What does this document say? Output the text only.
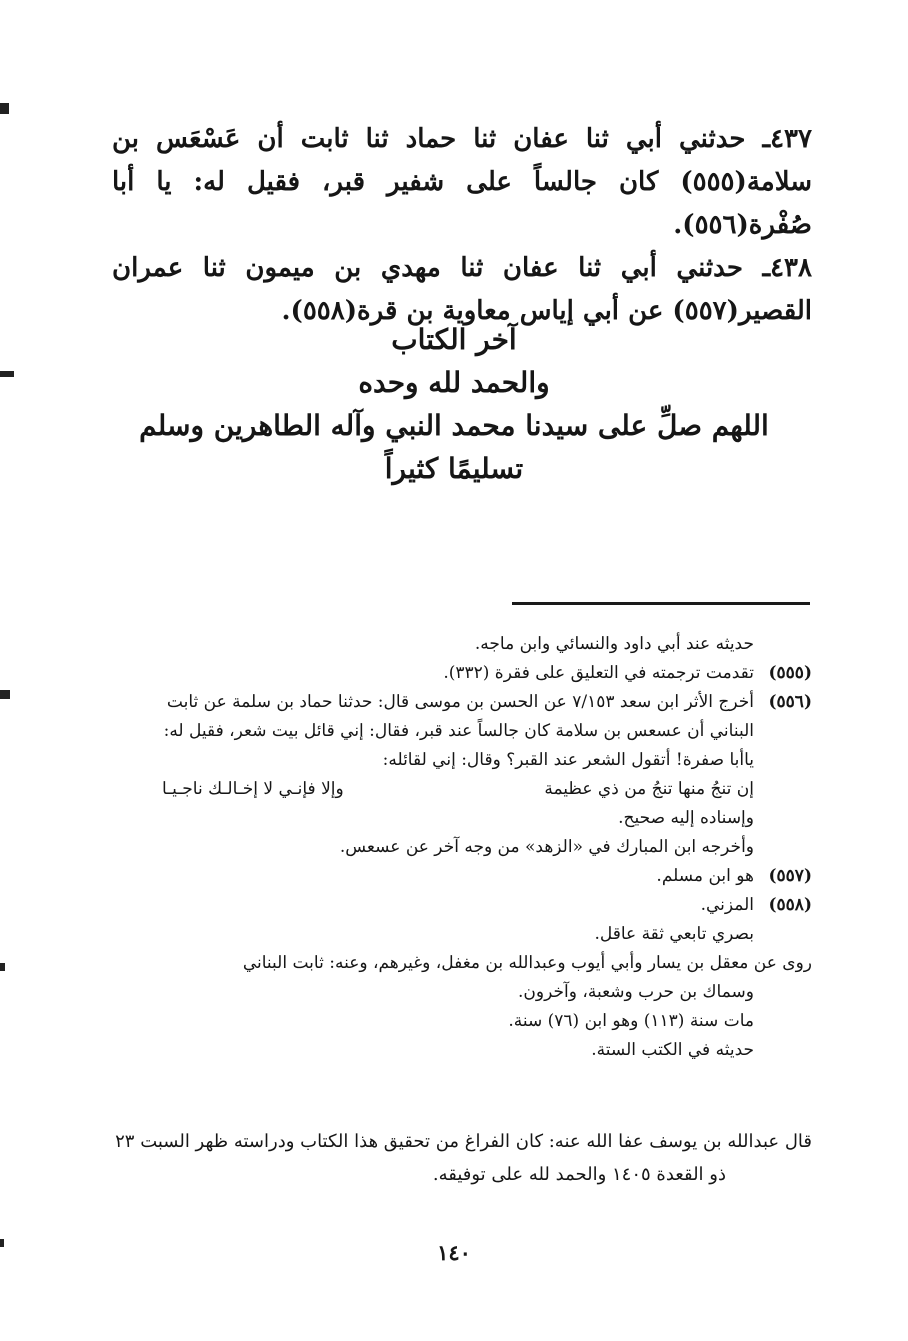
٤٣٧ـ حدثني أبي ثنا عفان ثنا حماد ثنا ثابت أن عَسْعَس بن سلامة(٥٥٥) كان جالساً على شفير قبر، فقيل له: يا أبا صُفْرة(٥٥٦).

٤٣٨ـ حدثني أبي ثنا عفان ثنا مهدي بن ميمون ثنا عمران القصير(٥٥٧) عن أبي إياس معاوية بن قرة(٥٥٨).

آخر الكتاب
والحمد لله وحده
اللهم صلِّ على سيدنا محمد النبي وآله الطاهرين وسلم
تسليمًا كثيراً
حديثه عند أبي داود والنسائي وابن ماجه.
(٥٥٥)
تقدمت ترجمته في التعليق على فقرة (٣٣٢).
(٥٥٦)
أخرج الأثر ابن سعد ٧/١٥٣ عن الحسن بن موسى قال: حدثنا حماد بن سلمة عن ثابت
البناني أن عسعس بن سلامة كان جالساً عند قبر، فقال: إني قائل بيت شعر، فقيل له:
ياأبا صفرة! أتقول الشعر عند القبر؟ وقال: إني لقائله:
إن تنجُ منها تنجُ من ذي عظيمة
وإلا فإنـي لا إخـالـك ناجـيـا
وإسناده إليه صحيح.
وأخرجه ابن المبارك في «الزهد» من وجه آخر عن عسعس.
(٥٥٧)
هو ابن مسلم.
(٥٥٨)
المزني.
بصري تابعي ثقة عاقل.
روى عن معقل بن يسار وأبي أيوب وعبدالله بن مغفل، وغيرهم، وعنه: ثابت البناني
وسماك بن حرب وشعبة، وآخرون.
مات سنة (١١٣) وهو ابن (٧٦) سنة.
حديثه في الكتب الستة.
قال عبدالله بن يوسف عفا الله عنه: كان الفراغ من تحقيق هذا الكتاب ودراسته ظهر السبت ٢٣
ذو القعدة ١٤٠٥ والحمد لله على توفيقه.
١٤٠
